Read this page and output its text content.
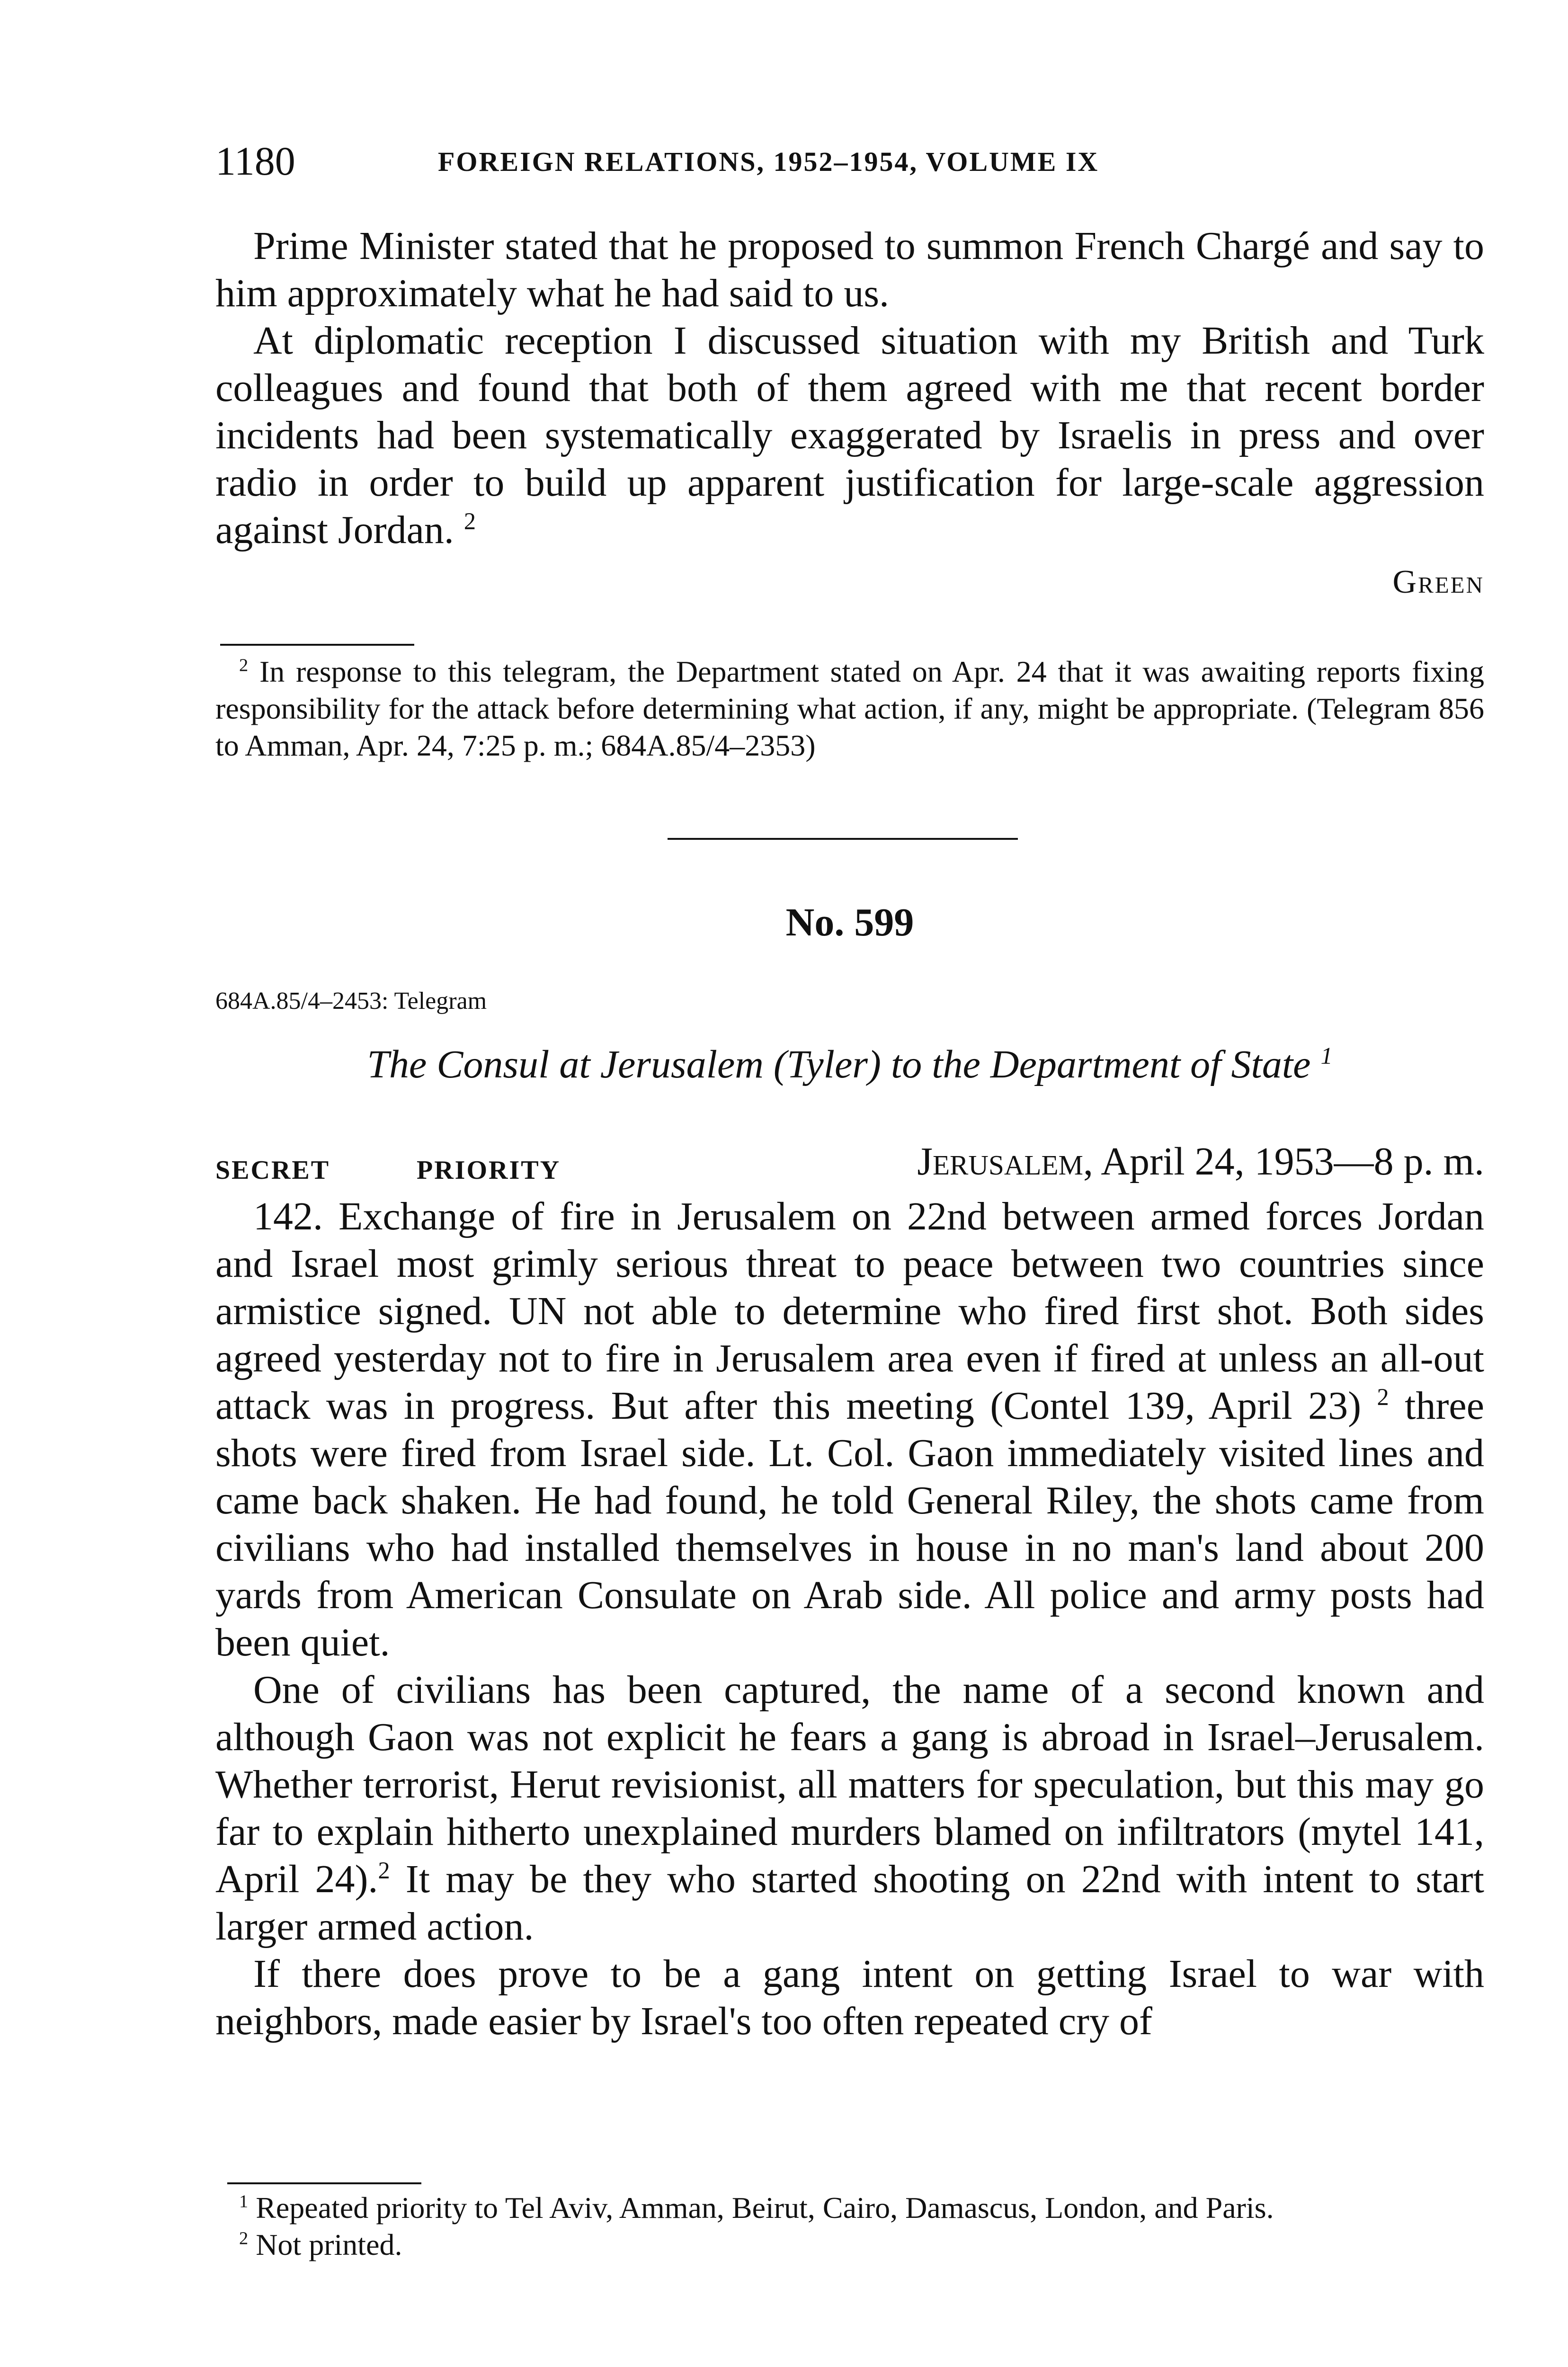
1180	FOREIGN RELATIONS, 1952–1954, VOLUME IX

Prime Minister stated that he proposed to summon French Chargé and say to him approximately what he had said to us.

At diplomatic reception I discussed situation with my British and Turk colleagues and found that both of them agreed with me that recent border incidents had been systematically exaggerated by Israelis in press and over radio in order to build up apparent justification for large-scale aggression against Jordan. $^2$

Green

$^2$ In response to this telegram, the Department stated on Apr. 24 that it was awaiting reports fixing responsibility for the attack before determining what action, if any, might be appropriate. (Telegram 856 to Amman, Apr. 24, 7:25 p. m.; 684A.85/4–2353)

No. 599
684A.85/4–2453: Telegram
The Consul at Jerusalem (Tyler) to the Department of State $^1$
SECRET	PRIORITY	Jerusalem, April 24, 1953—8 p. m.

142. Exchange of fire in Jerusalem on 22nd between armed forces Jordan and Israel most grimly serious threat to peace between two countries since armistice signed. UN not able to determine who fired first shot. Both sides agreed yesterday not to fire in Jerusalem area even if fired at unless an all-out attack was in progress. But after this meeting (Contel 139, April 23) $^2$ three shots were fired from Israel side. Lt. Col. Gaon immediately visited lines and came back shaken. He had found, he told General Riley, the shots came from civilians who had installed themselves in house in no man's land about 200 yards from American Consulate on Arab side. All police and army posts had been quiet.

One of civilians has been captured, the name of a second known and although Gaon was not explicit he fears a gang is abroad in Israel–Jerusalem. Whether terrorist, Herut revisionist, all matters for speculation, but this may go far to explain hitherto unexplained murders blamed on infiltrators (mytel 141, April 24).$^2$ It may be they who started shooting on 22nd with intent to start larger armed action.

If there does prove to be a gang intent on getting Israel to war with neighbors, made easier by Israel's too often repeated cry of

$^1$ Repeated priority to Tel Aviv, Amman, Beirut, Cairo, Damascus, London, and Paris.

$^2$ Not printed.
